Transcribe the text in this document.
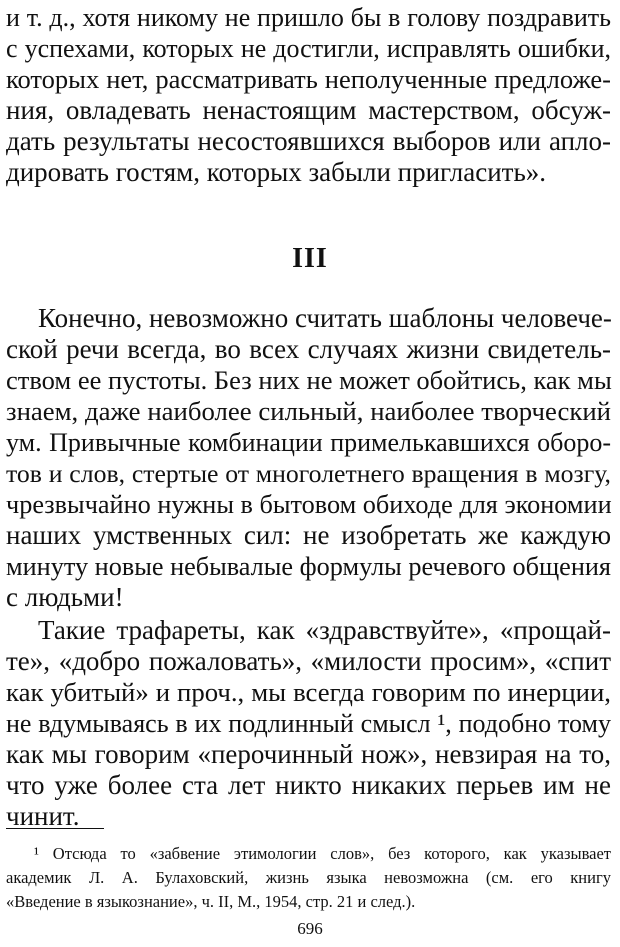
и т. д., хотя никому не пришло бы в голову поздравить
с успехами, которых не достигли, исправлять ошибки,
которых нет, рассматривать неполученные предложе-
ния, овладевать ненастоящим мастерством, обсуж-
дать результаты несостоявшихся выборов или апло-
дировать гостям, которых забыли пригласить».
III
Конечно, невозможно считать шаблоны человече-
ской речи всегда, во всех случаях жизни свидетель-
ством ее пустоты. Без них не может обойтись, как мы
знаем, даже наиболее сильный, наиболее творческий
ум. Привычные комбинации примелькавшихся оборо-
тов и слов, стертые от многолетнего вращения в мозгу,
чрезвычайно нужны в бытовом обиходе для экономии
наших умственных сил: не изобретать же каждую
минуту новые небывалые формулы речевого общения
с людьми!
Такие трафареты, как «здравствуйте», «прощай-
те», «добро пожаловать», «милости просим», «спит
как убитый» и проч., мы всегда говорим по инерции,
не вдумываясь в их подлинный смысл ¹, подобно тому
как мы говорим «перочинный нож», невзирая на то,
что уже более ста лет никто никаких перьев им не
чинит.
¹ Отсюда то «забвение этимологии слов», без которого, как указывает
академик Л. А. Булаховский, жизнь языка невозможна (см. его книгу
«Введение в языкознание», ч. II, М., 1954, стр. 21 и след.).
696
